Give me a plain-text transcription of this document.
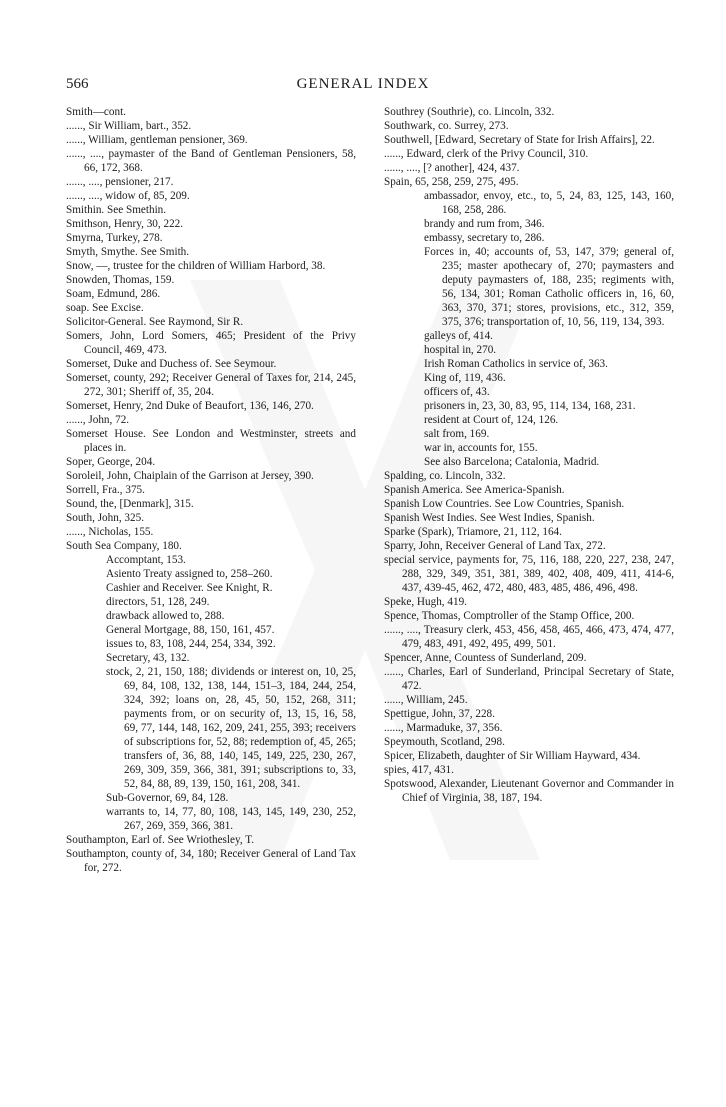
566	GENERAL INDEX
Smith—cont.
......, Sir William, bart., 352.
......, William, gentleman pensioner, 369.
......, ...., paymaster of the Band of Gentleman Pensioners, 58, 66, 172, 368.
......, ...., pensioner, 217.
......, ...., widow of, 85, 209.
Smithin. See Smethin.
Smithson, Henry, 30, 222.
Smyrna, Turkey, 278.
Smyth, Smythe. See Smith.
Snow, —, trustee for the children of William Harbord, 38.
Snowden, Thomas, 159.
Soam, Edmund, 286.
soap. See Excise.
Solicitor-General. See Raymond, Sir R.
Somers, John, Lord Somers, 465; President of the Privy Council, 469, 473.
Somerset, Duke and Duchess of. See Seymour.
Somerset, county, 292; Receiver General of Taxes for, 214, 245, 272, 301; Sheriff of, 35, 204.
Somerset, Henry, 2nd Duke of Beaufort, 136, 146, 270.
......, John, 72.
Somerset House. See London and Westminster, streets and places in.
Soper, George, 204.
Soroleil, John, Chaiplain of the Garrison at Jersey, 390.
Sorrell, Fra., 375.
Sound, the, [Denmark], 315.
South, John, 325.
......, Nicholas, 155.
South Sea Company, 180.
Accomptant, 153.
Asiento Treaty assigned to, 258–260.
Cashier and Receiver. See Knight, R.
directors, 51, 128, 249.
drawback allowed to, 288.
General Mortgage, 88, 150, 161, 457.
issues to, 83, 108, 244, 254, 334, 392.
Secretary, 43, 132.
stock, 2, 21, 150, 188; dividends or interest on, 10, 25, 69, 84, 108, 132, 138, 144, 151–3, 184, 244, 254, 324, 392; loans on, 28, 45, 50, 152, 268, 311; payments from, or on security of, 13, 15, 16, 58, 69, 77, 144, 148, 162, 209, 241, 255, 393; receivers of subscriptions for, 52, 88; redemption of, 45, 265; transfers of, 36, 88, 140, 145, 149, 225, 230, 267, 269, 309, 359, 366, 381, 391; subscriptions to, 33, 52, 84, 88, 89, 139, 150, 161, 208, 341.
Sub-Governor, 69, 84, 128.
warrants to, 14, 77, 80, 108, 143, 145, 149, 230, 252, 267, 269, 359, 366, 381.
Southampton, Earl of. See Wriothesley, T.
Southampton, county of, 34, 180; Receiver General of Land Tax for, 272.
Southrey (Southrie), co. Lincoln, 332.
Southwark, co. Surrey, 273.
Southwell, [Edward, Secretary of State for Irish Affairs], 22.
......, Edward, clerk of the Privy Council, 310.
......, ...., [? another], 424, 437.
Spain, 65, 258, 259, 275, 495.
ambassador, envoy, etc., to, 5, 24, 83, 125, 143, 160, 168, 258, 286.
brandy and rum from, 346.
embassy, secretary to, 286.
Forces in, 40; accounts of, 53, 147, 379; general of, 235; master apothecary of, 270; paymasters and deputy paymasters of, 188, 235; regiments with, 56, 134, 301; Roman Catholic officers in, 16, 60, 363, 370, 371; stores, provisions, etc., 312, 359, 375, 376; transportation of, 10, 56, 119, 134, 393.
galleys of, 414.
hospital in, 270.
Irish Roman Catholics in service of, 363.
King of, 119, 436.
officers of, 43.
prisoners in, 23, 30, 83, 95, 114, 134, 168, 231.
resident at Court of, 124, 126.
salt from, 169.
war in, accounts for, 155.
See also Barcelona; Catalonia, Madrid.
Spalding, co. Lincoln, 332.
Spanish America. See America-Spanish.
Spanish Low Countries. See Low Countries, Spanish.
Spanish West Indies. See West Indies, Spanish.
Sparke (Spark), Triamore, 21, 112, 164.
Sparry, John, Receiver General of Land Tax, 272.
special service, payments for, 75, 116, 188, 220, 227, 238, 247, 288, 329, 349, 351, 381, 389, 402, 408, 409, 411, 414-6, 437, 439-45, 462, 472, 480, 483, 485, 486, 496, 498.
Speke, Hugh, 419.
Spence, Thomas, Comptroller of the Stamp Office, 200.
......, ...., Treasury clerk, 453, 456, 458, 465, 466, 473, 474, 477, 479, 483, 491, 492, 495, 499, 501.
Spencer, Anne, Countess of Sunderland, 209.
......, Charles, Earl of Sunderland, Principal Secretary of State, 472.
......, William, 245.
Spettigue, John, 37, 228.
......, Marmaduke, 37, 356.
Speymouth, Scotland, 298.
Spicer, Elizabeth, daughter of Sir William Hayward, 434.
spies, 417, 431.
Spotswood, Alexander, Lieutenant Governor and Commander in Chief of Virginia, 38, 187, 194.
